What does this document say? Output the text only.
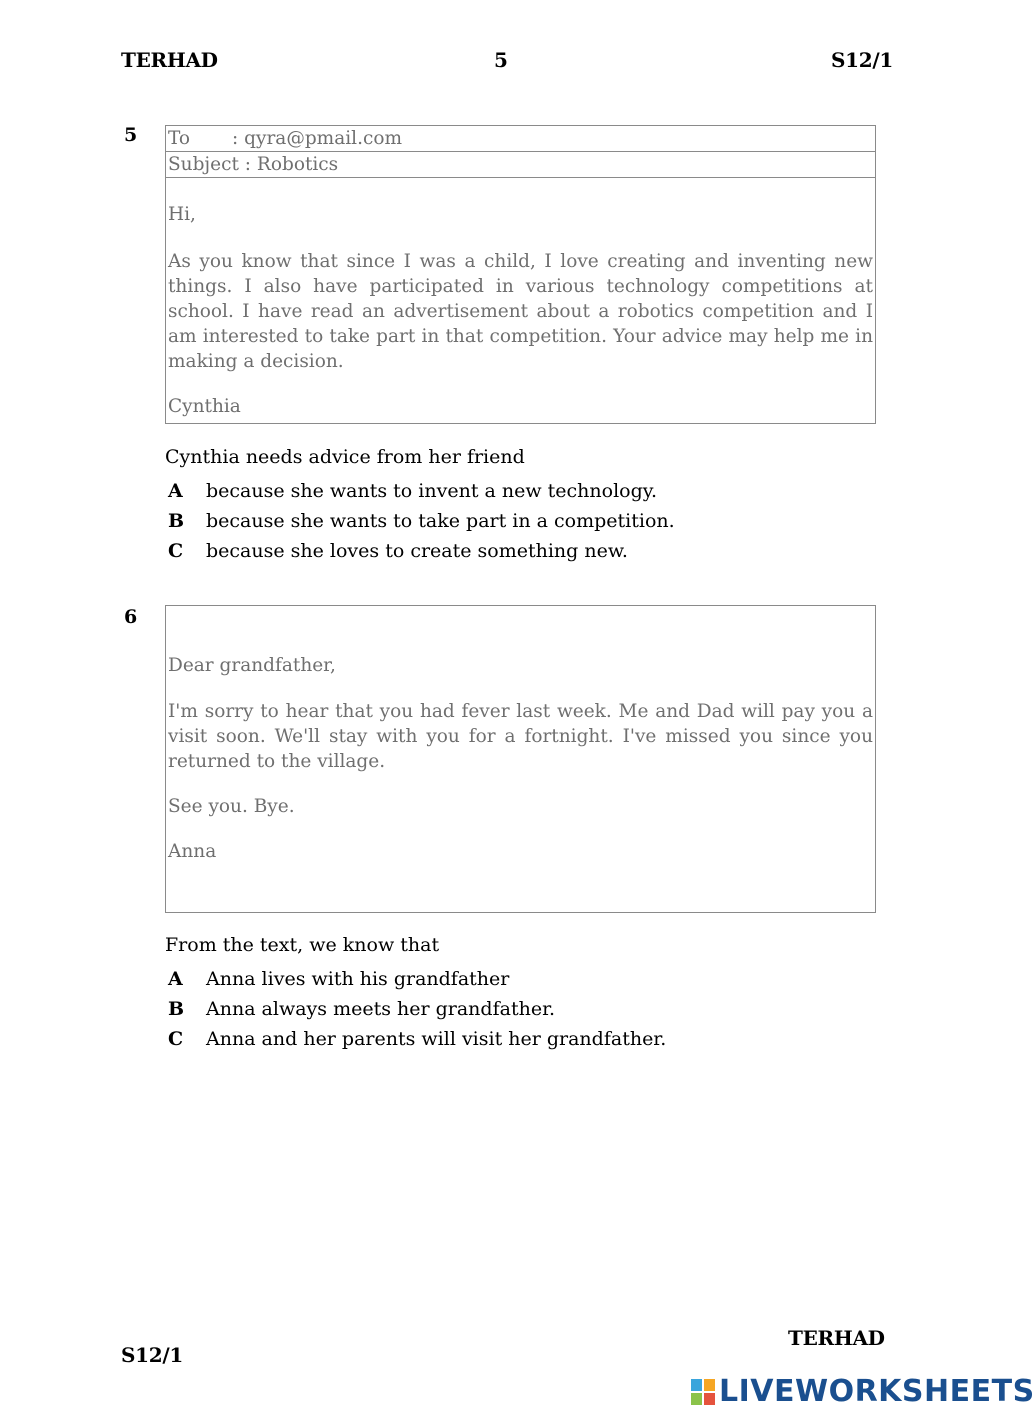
TERHAD	5	S12/1
5 To : qyra@pmail.com
Subject : Robotics

Hi,

As you know that since I was a child, I love creating and inventing new things. I also have participated in various technology competitions at school. I have read an advertisement about a robotics competition and I am interested to take part in that competition. Your advice may help me in making a decision.

Cynthia

Cynthia needs advice from her friend
A because she wants to invent a new technology.
B because she wants to take part in a competition.
C because she loves to create something new.
6

Dear grandfather,

I'm sorry to hear that you had fever last week. Me and Dad will pay you a visit soon. We'll stay with you for a fortnight. I've missed you since you returned to the village.

See you. Bye.

Anna

From the text, we know that
A Anna lives with his grandfather
B Anna always meets her grandfather.
C Anna and her parents will visit her grandfather.
TERHAD
S12/1
LIVEWORKSHEETS
